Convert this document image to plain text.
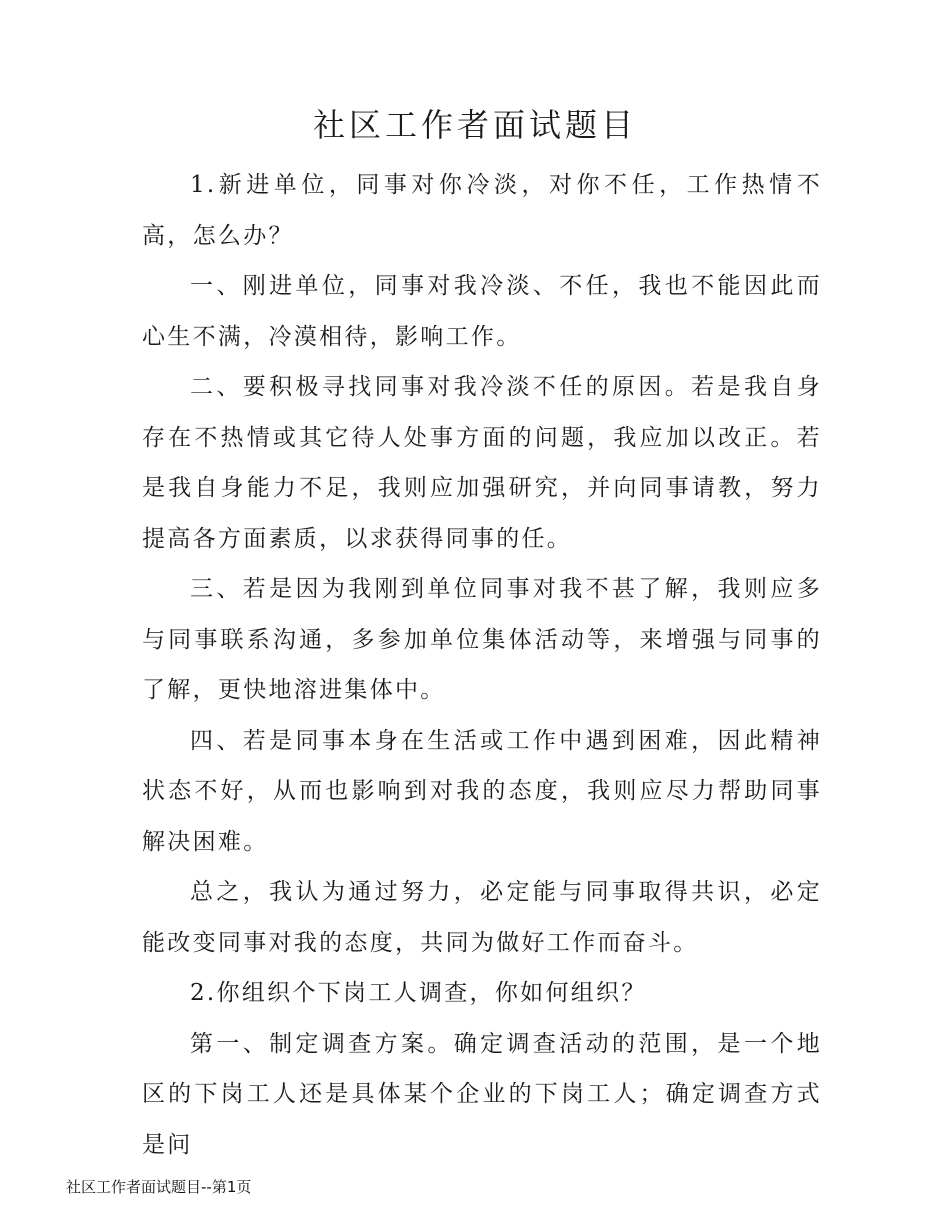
社区工作者面试题目

1.新进单位，同事对你冷淡，对你不任，工作热情不高，怎么办？

一、刚进单位，同事对我冷淡、不任，我也不能因此而心生不满，冷漠相待，影响工作。

二、要积极寻找同事对我冷淡不任的原因。若是我自身存在不热情或其它待人处事方面的问题，我应加以改正。若是我自身能力不足，我则应加强研究，并向同事请教，努力提高各方面素质，以求获得同事的任。

三、若是因为我刚到单位同事对我不甚了解，我则应多与同事联系沟通，多参加单位集体活动等，来增强与同事的了解，更快地溶进集体中。

四、若是同事本身在生活或工作中遇到困难，因此精神状态不好，从而也影响到对我的态度，我则应尽力帮助同事解决困难。

总之，我认为通过努力，必定能与同事取得共识，必定能改变同事对我的态度，共同为做好工作而奋斗。

2.你组织个下岗工人调查，你如何组织？

第一、制定调查方案。确定调查活动的范围，是一个地区的下岗工人还是具体某个企业的下岗工人；确定调查方式是问

社区工作者面试题目--第1页
